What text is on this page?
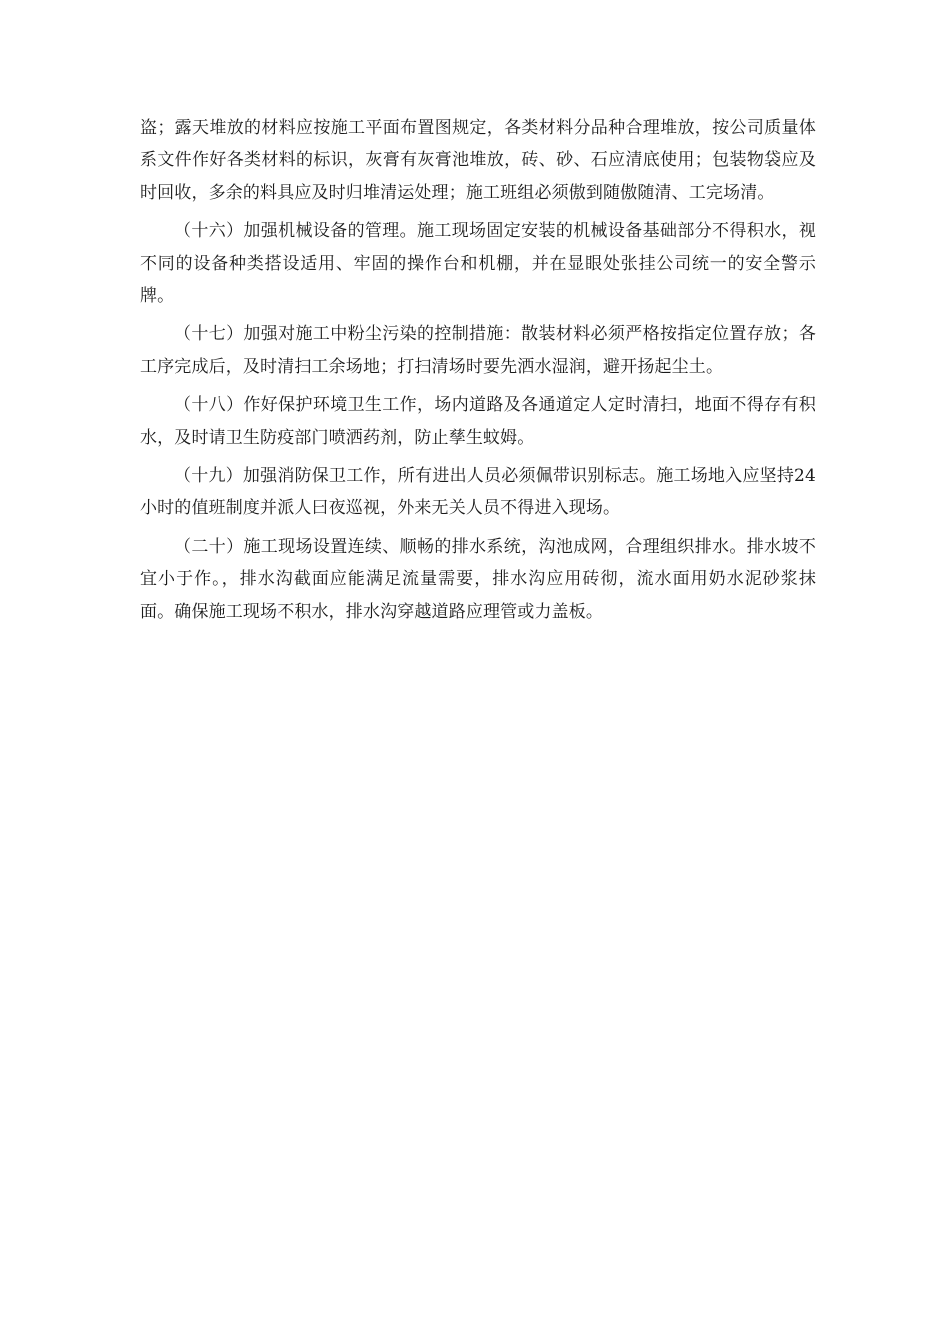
盗；露天堆放的材料应按施工平面布置图规定，各类材料分品种合理堆放，按公司质量体系文件作好各类材料的标识，灰膏有灰膏池堆放，砖、砂、石应清底使用；包装物袋应及时回收，多余的料具应及时归堆清运处理；施工班组必须傲到随傲随清、工完场清。

（十六）加强机械设备的管理。施工现场固定安装的机械设备基础部分不得积水，视不同的设备种类搭设适用、牢固的操作台和机棚，并在显眼处张挂公司统一的安全警示牌。

（十七）加强对施工中粉尘污染的控制措施：散装材料必须严格按指定位置存放；各工序完成后，及时清扫工余场地；打扫清场时要先洒水湿润，避开扬起尘土。

（十八）作好保护环境卫生工作，场内道路及各通道定人定时清扫，地面不得存有积水，及时请卫生防疫部门喷洒药剂，防止孳生蚊姆。

（十九）加强消防保卫工作，所有进出人员必须佩带识别标志。施工场地入应坚持24小时的值班制度并派人曰夜巡视，外来无关人员不得进入现场。

（二十）施工现场设置连续、顺畅的排水系统，沟池成网，合理组织排水。排水坡不宜小于作。，排水沟截面应能满足流量需要，排水沟应用砖彻，流水面用奶水泥砂浆抹面。确保施工现场不积水，排水沟穿越道路应理管或力盖板。
